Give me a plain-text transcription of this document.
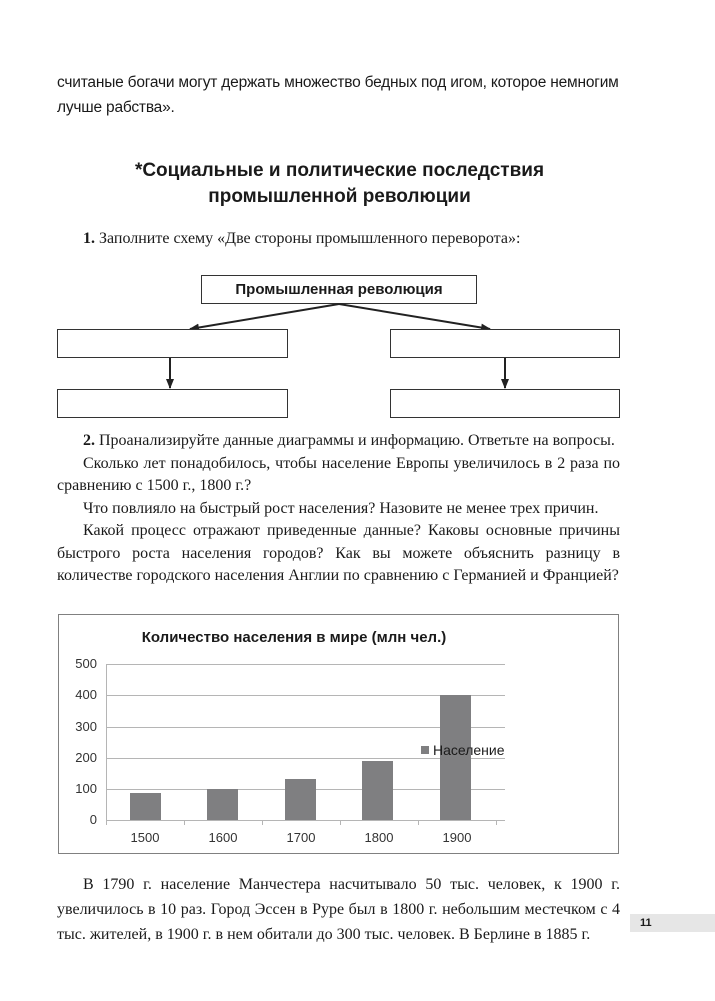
считаные богачи могут держать множество бедных под игом, которое немногим лучше рабства».
*Социальные и политические последствия
промышленной революции
1. Заполните схему «Две стороны промышленного переворота»:
Промышленная революция

2. Проанализируйте данные диаграммы и информацию. Ответьте на вопросы.

Сколько лет понадобилось, чтобы население Европы увеличилось в 2 раза по сравнению с 1500 г., 1800 г.?

Что повлияло на быстрый рост населения? Назовите не менее трех причин.

Какой процесс отражают приведенные данные? Каковы основные причины быстрого роста населения городов? Как вы можете объяснить разницу в количестве городского населения Англии по сравнению с Германией и Францией?

Количество населения в мире (млн чел.)
500
400
300
200
100
0
1500	1600	1700	1800	1900
Население

В 1790 г. население Манчестера насчитывало 50 тыс. человек, к 1900 г. увеличилось в 10 раз. Город Эссен в Руре был в 1800 г. небольшим местечком с 4 тыс. жителей, в 1900 г. в нем обитали до 300 тыс. человек. В Берлине в 1885 г.

11
